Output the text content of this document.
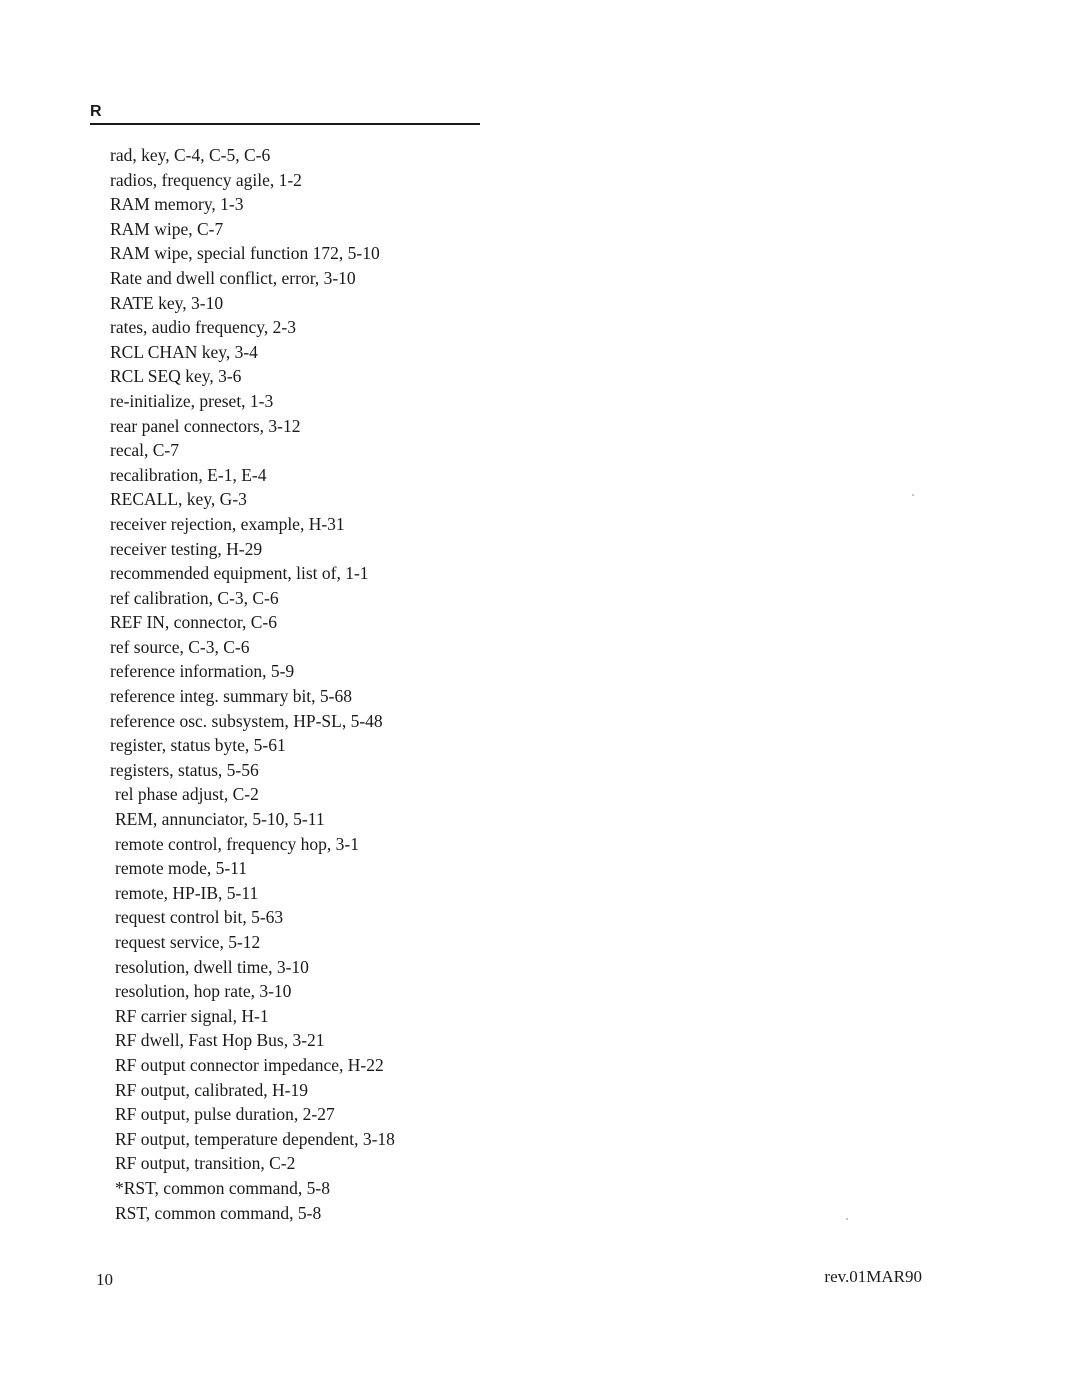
R
rad, key, C-4, C-5, C-6
radios, frequency agile, 1-2
RAM memory, 1-3
RAM wipe, C-7
RAM wipe, special function 172, 5-10
Rate and dwell conflict, error, 3-10
RATE key, 3-10
rates, audio frequency, 2-3
RCL CHAN key, 3-4
RCL SEQ key, 3-6
re-initialize, preset, 1-3
rear panel connectors, 3-12
recal, C-7
recalibration, E-1, E-4
RECALL, key, G-3
receiver rejection, example, H-31
receiver testing, H-29
recommended equipment, list of, 1-1
ref calibration, C-3, C-6
REF IN, connector, C-6
ref source, C-3, C-6
reference information, 5-9
reference integ. summary bit, 5-68
reference osc. subsystem, HP-SL, 5-48
register, status byte, 5-61
registers, status, 5-56
rel phase adjust, C-2
REM, annunciator, 5-10, 5-11
remote control, frequency hop, 3-1
remote mode, 5-11
remote, HP-IB, 5-11
request control bit, 5-63
request service, 5-12
resolution, dwell time, 3-10
resolution, hop rate, 3-10
RF carrier signal, H-1
RF dwell, Fast Hop Bus, 3-21
RF output connector impedance, H-22
RF output, calibrated, H-19
RF output, pulse duration, 2-27
RF output, temperature dependent, 3-18
RF output, transition, C-2
*RST, common command, 5-8
RST, common command, 5-8
10	rev.01MAR90
